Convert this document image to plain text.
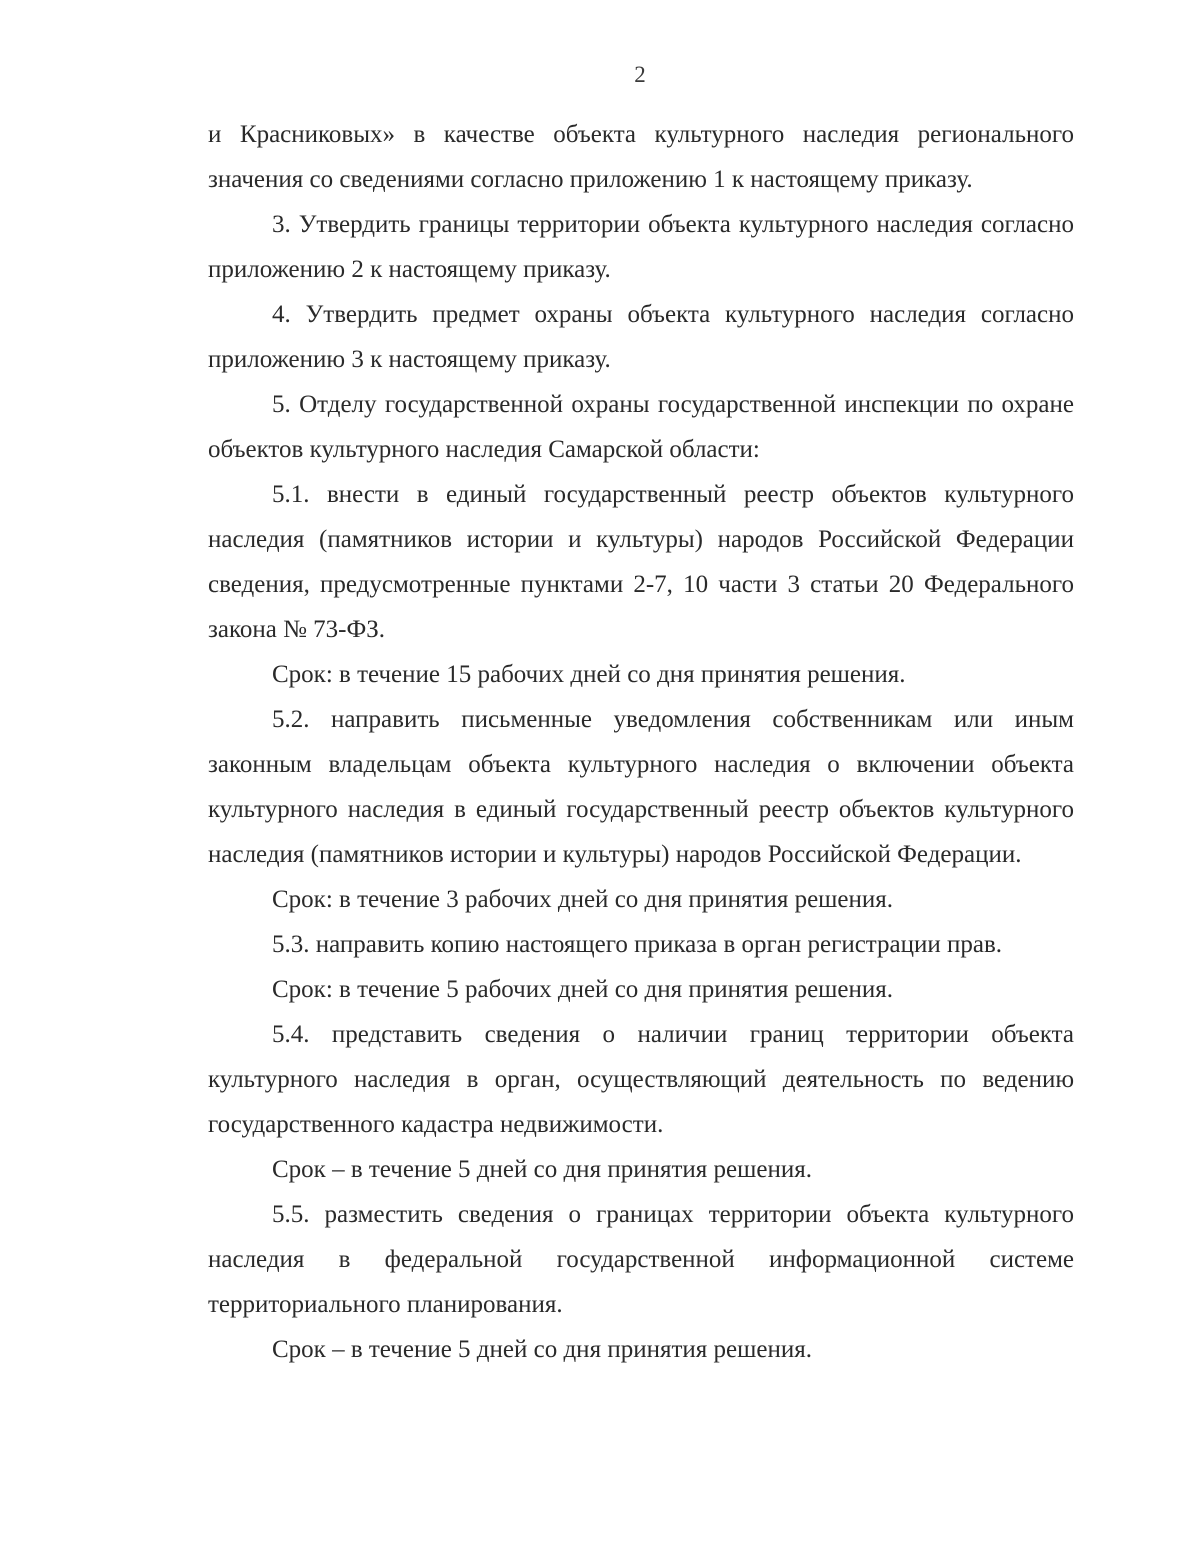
2

и Красниковых» в качестве объекта культурного наследия регионального значения со сведениями согласно приложению 1 к настоящему приказу.

3. Утвердить границы территории объекта культурного наследия согласно приложению 2 к настоящему приказу.

4. Утвердить предмет охраны объекта культурного наследия согласно приложению 3 к настоящему приказу.

5. Отделу государственной охраны государственной инспекции по охране объектов культурного наследия Самарской области:

5.1. внести в единый государственный реестр объектов культурного наследия (памятников истории и культуры) народов Российской Федерации сведения, предусмотренные пунктами 2-7, 10 части 3 статьи 20 Федерального закона № 73-ФЗ.

Срок: в течение 15 рабочих дней со дня принятия решения.

5.2. направить письменные уведомления собственникам или иным законным владельцам объекта культурного наследия о включении объекта культурного наследия в единый государственный реестр объектов культурного наследия (памятников истории и культуры) народов Российской Федерации.

Срок: в течение 3 рабочих дней со дня принятия решения.

5.3. направить копию настоящего приказа в орган регистрации прав.

Срок: в течение 5 рабочих дней со дня принятия решения.

5.4. представить сведения о наличии границ территории объекта культурного наследия в орган, осуществляющий деятельность по ведению государственного кадастра недвижимости.

Срок – в течение 5 дней со дня принятия решения.

5.5. разместить сведения о границах территории объекта культурного наследия в федеральной государственной информационной системе территориального планирования.

Срок – в течение 5 дней со дня принятия решения.
